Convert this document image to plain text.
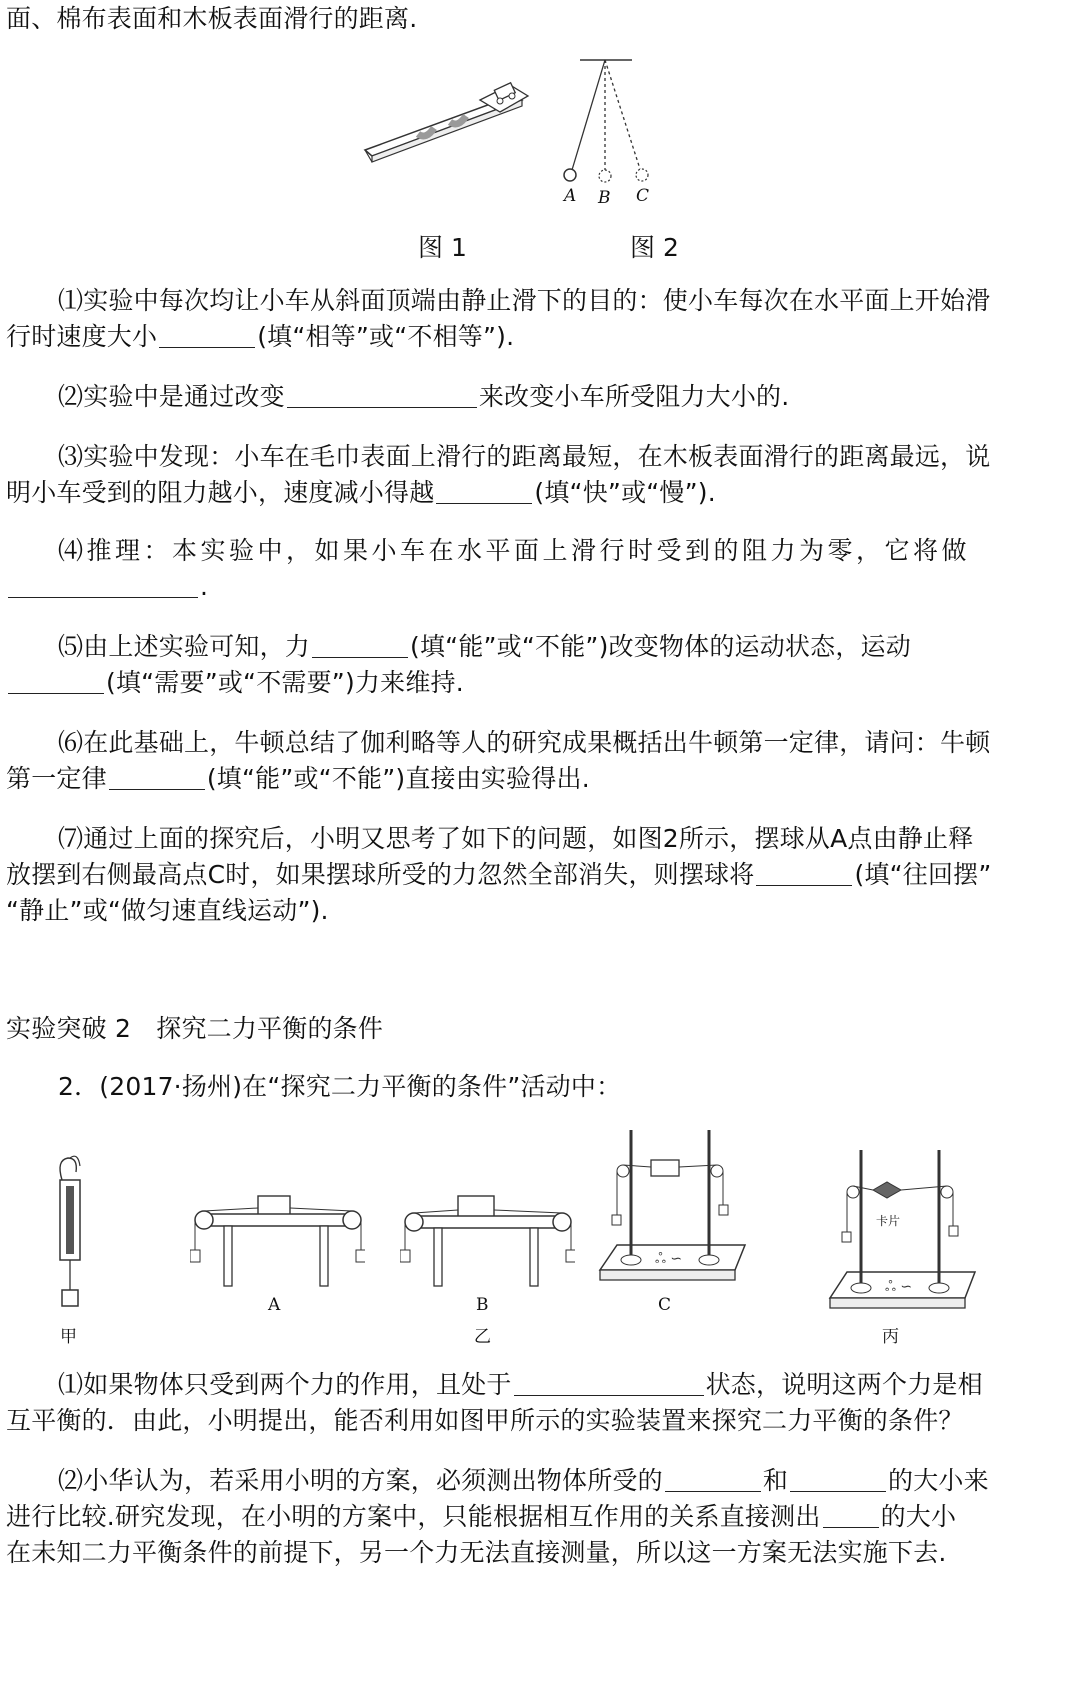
面、棉布表面和木板表面滑行的距离.
A B C
图 1	图 2
⑴实验中每次均让小车从斜面顶端由静止滑下的目的：使小车每次在水平面上开始滑
行时速度大小	(填“相等”或“不相等”).
⑵实验中是通过改变	来改变小车所受阻力大小的.
⑶实验中发现：小车在毛巾表面上滑行的距离最短，在木板表面滑行的距离最远，说
明小车受到的阻力越小，速度减小得越	(填“快”或“慢”).
⑷推理：本实验中，如果小车在水平面上滑行时受到的阻力为零，它将做
.
⑸由上述实验可知，力	(填“能”或“不能”)改变物体的运动状态，运动
(填“需要”或“不需要”)力来维持.
⑹在此基础上，牛顿总结了伽利略等人的研究成果概括出牛顿第一定律，请问：牛顿
第一定律	(填“能”或“不能”)直接由实验得出.
⑺通过上面的探究后，小明又思考了如下的问题，如图2所示，摆球从A点由静止释
放摆到右侧最高点C时，如果摆球所受的力忽然全部消失，则摆球将	(填“往回摆”
“静止”或“做匀速直线运动”).
实验突破 2　探究二力平衡的条件
2．(2017·扬州)在“探究二力平衡的条件”活动中：
甲
A	B
乙
ஃ ∽
C
ஃ ∽
卡片
丙
⑴如果物体只受到两个力的作用，且处于	状态，说明这两个力是相
互平衡的．由此，小明提出，能否利用如图甲所示的实验装置来探究二力平衡的条件？
⑵小华认为，若采用小明的方案，必须测出物体所受的	和	的大小来
进行比较.研究发现，在小明的方案中，只能根据相互作用的关系直接测出 的大小
在未知二力平衡条件的前提下，另一个力无法直接测量，所以这一方案无法实施下去.
